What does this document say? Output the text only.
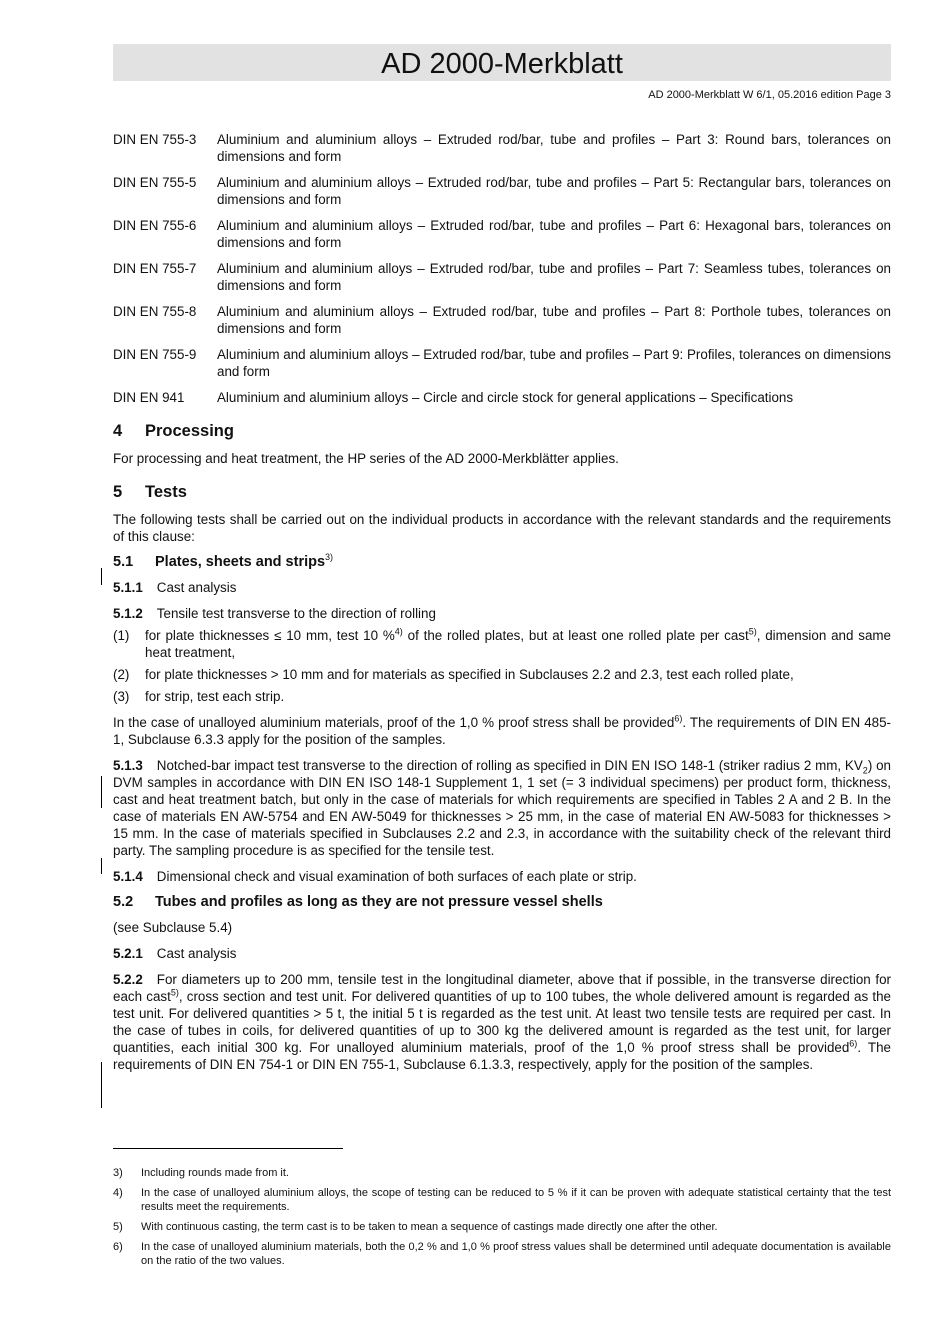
AD 2000-Merkblatt
AD 2000-Merkblatt W 6/1, 05.2016 edition Page 3
DIN EN 755-3	Aluminium and aluminium alloys – Extruded rod/bar, tube and profiles – Part 3: Round bars, tolerances on dimensions and form
DIN EN 755-5	Aluminium and aluminium alloys – Extruded rod/bar, tube and profiles – Part 5: Rectangular bars, tolerances on dimensions and form
DIN EN 755-6	Aluminium and aluminium alloys – Extruded rod/bar, tube and profiles – Part 6: Hexagonal bars, tolerances on dimensions and form
DIN EN 755-7	Aluminium and aluminium alloys – Extruded rod/bar, tube and profiles – Part 7: Seamless tubes, tolerances on dimensions and form
DIN EN 755-8	Aluminium and aluminium alloys – Extruded rod/bar, tube and profiles – Part 8: Porthole tubes, tolerances on dimensions and form
DIN EN 755-9	Aluminium and aluminium alloys – Extruded rod/bar, tube and profiles – Part 9: Profiles, tolerances on dimensions and form
DIN EN 941	Aluminium and aluminium alloys – Circle and circle stock for general applications – Specifications
4 Processing

For processing and heat treatment, the HP series of the AD 2000-Merkblätter applies.

5 Tests

The following tests shall be carried out on the individual products in accordance with the relevant standards and the requirements of this clause:

5.1 Plates, sheets and strips$^{3)}$

5.1.1 Cast analysis

5.1.2 Tensile test transverse to the direction of rolling

(1)	for plate thicknesses ≤ 10 mm, test 10 %$^{4)}$ of the rolled plates, but at least one rolled plate per cast$^{5)}$, dimension and same heat treatment,
(2)	for plate thicknesses > 10 mm and for materials as specified in Subclauses 2.2 and 2.3, test each rolled plate,
(3)	for strip, test each strip.

In the case of unalloyed aluminium materials, proof of the 1,0 % proof stress shall be provided$^{6)}$. The requirements of DIN EN 485-1, Subclause 6.3.3 apply for the position of the samples.

5.1.3 Notched-bar impact test transverse to the direction of rolling as specified in DIN EN ISO 148-1 (striker radius 2 mm, $KV_2$) on DVM samples in accordance with DIN EN ISO 148-1 Supplement 1, 1 set (= 3 individual specimens) per product form, thickness, cast and heat treatment batch, but only in the case of materials for which requirements are specified in Tables 2 A and 2 B. In the case of materials EN AW-5754 and EN AW-5049 for thicknesses > 25 mm, in the case of material EN AW-5083 for thicknesses > 15 mm. In the case of materials specified in Subclauses 2.2 and 2.3, in accordance with the suitability check of the relevant third party. The sampling procedure is as specified for the tensile test.

5.1.4 Dimensional check and visual examination of both surfaces of each plate or strip.

5.2 Tubes and profiles as long as they are not pressure vessel shells

(see Subclause 5.4)

5.2.1 Cast analysis

5.2.2 For diameters up to 200 mm, tensile test in the longitudinal diameter, above that if possible, in the transverse direction for each cast$^{5)}$, cross section and test unit. For delivered quantities of up to 100 tubes, the whole delivered amount is regarded as the test unit. For delivered quantities > 5 t, the initial 5 t is regarded as the test unit. At least two tensile tests are required per cast. In the case of tubes in coils, for delivered quantities of up to 300 kg the delivered amount is regarded as the test unit, for larger quantities, each initial 300 kg. For unalloyed aluminium materials, proof of the 1,0 % proof stress shall be provided$^{6)}$. The requirements of DIN EN 754-1 or DIN EN 755-1, Subclause 6.1.3.3, respectively, apply for the position of the samples.

3)	Including rounds made from it.
4)	In the case of unalloyed aluminium alloys, the scope of testing can be reduced to 5 % if it can be proven with adequate statistical certainty that the test results meet the requirements.
5)	With continuous casting, the term cast is to be taken to mean a sequence of castings made directly one after the other.
6)	In the case of unalloyed aluminium materials, both the 0,2 % and 1,0 % proof stress values shall be determined until adequate documentation is available on the ratio of the two values.
